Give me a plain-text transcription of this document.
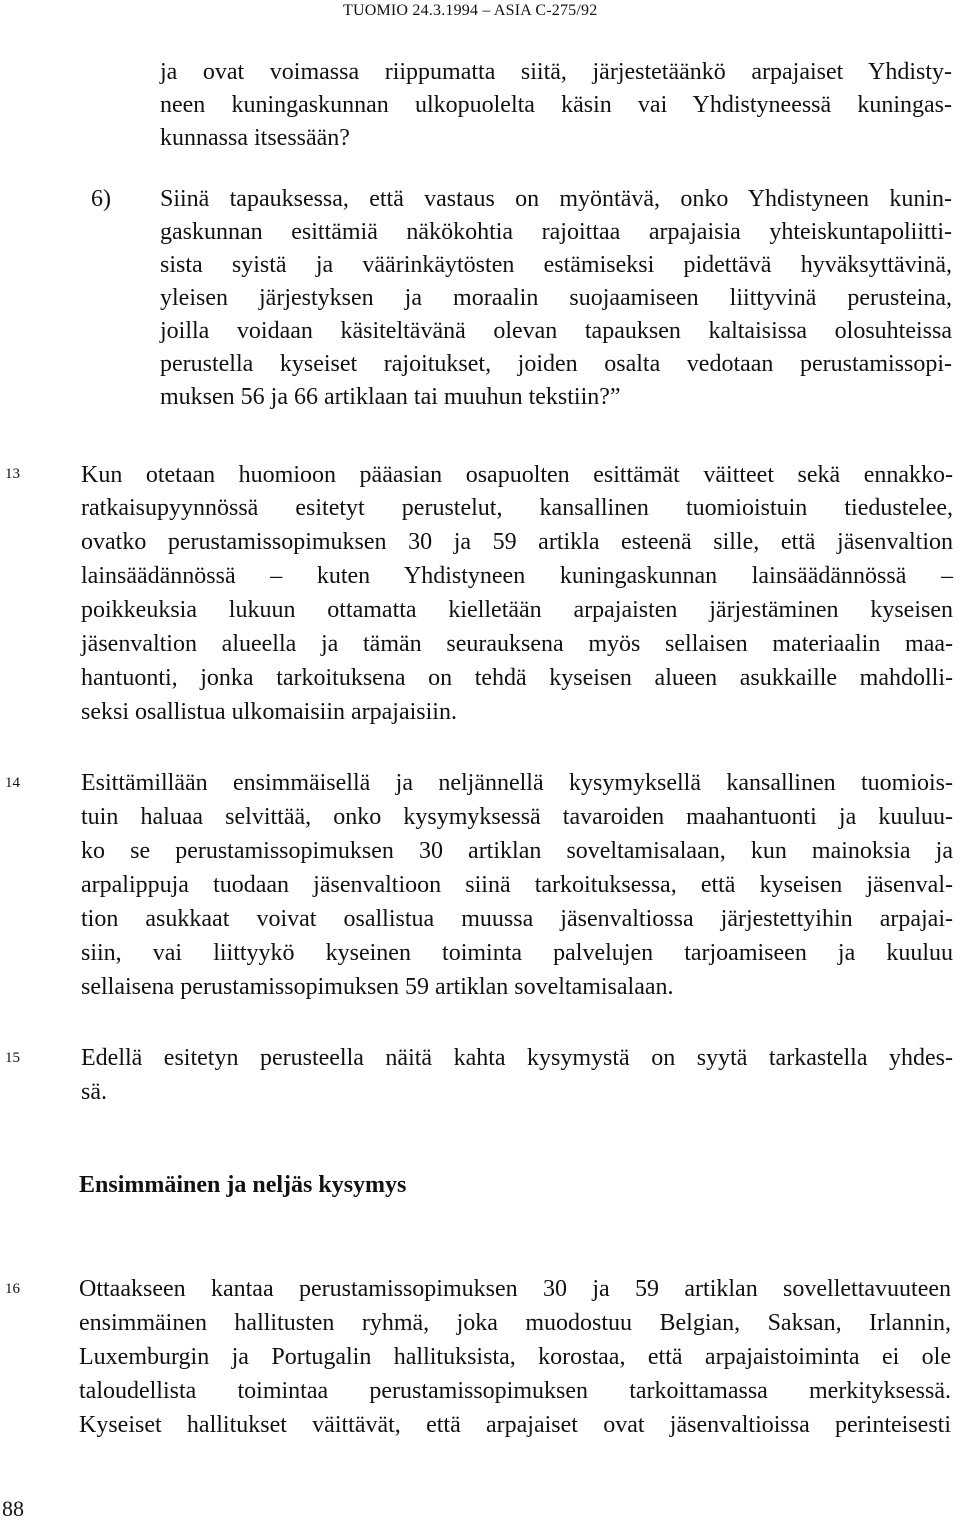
TUOMIO 24.3.1994 – ASIA C-275/92
ja ovat voimassa riippumatta siitä, järjestetäänkö arpajaiset Yhdisty-
neen kuningaskunnan ulkopuolelta käsin vai Yhdistyneessä kuningas-
kunnassa itsessään?
6) Siinä tapauksessa, että vastaus on myöntävä, onko Yhdistyneen kunin-
gaskunnan esittämiä näkökohtia rajoittaa arpajaisia yhteiskuntapoliitti-
sista syistä ja väärinkäytösten estämiseksi pidettävä hyväksyttävinä,
yleisen järjestyksen ja moraalin suojaamiseen liittyvinä perusteina,
joilla voidaan käsiteltävänä olevan tapauksen kaltaisissa olosuhteissa
perustella kyseiset rajoitukset, joiden osalta vedotaan perustamissopi-
muksen 56 ja 66 artiklaan tai muuhun tekstiin?”
13	Kun otetaan huomioon pääasian osapuolten esittämät väitteet sekä ennakko-
ratkaisupyynnössä esitetyt perustelut, kansallinen tuomioistuin tiedustelee,
ovatko perustamissopimuksen 30 ja 59 artikla esteenä sille, että jäsenvaltion
lainsäädännössä – kuten Yhdistyneen kuningaskunnan lainsäädännössä –
poikkeuksia lukuun ottamatta kielletään arpajaisten järjestäminen kyseisen
jäsenvaltion alueella ja tämän seurauksena myös sellaisen materiaalin maa-
hantuonti, jonka tarkoituksena on tehdä kyseisen alueen asukkaille mahdolli-
seksi osallistua ulkomaisiin arpajaisiin.
14	Esittämillään ensimmäisellä ja neljännellä kysymyksellä kansallinen tuomiois-
tuin haluaa selvittää, onko kysymyksessä tavaroiden maahantuonti ja kuuluu-
ko se perustamissopimuksen 30 artiklan soveltamisalaan, kun mainoksia ja
arpalippuja tuodaan jäsenvaltioon siinä tarkoituksessa, että kyseisen jäsenval-
tion asukkaat voivat osallistua muussa jäsenvaltiossa järjestettyihin arpajai-
siin, vai liittyykö kyseinen toiminta palvelujen tarjoamiseen ja kuuluu
sellaisena perustamissopimuksen 59 artiklan soveltamisalaan.
15	Edellä esitetyn perusteella näitä kahta kysymystä on syytä tarkastella yhdes-
sä.
Ensimmäinen ja neljäs kysymys
16 Ottaakseen kantaa perustamissopimuksen 30 ja 59 artiklan sovellettavuuteen
ensimmäinen hallitusten ryhmä, joka muodostuu Belgian, Saksan, Irlannin,
Luxemburgin ja Portugalin hallituksista, korostaa, että arpajaistoiminta ei ole
taloudellista toimintaa perustamissopimuksen tarkoittamassa merkityksessä.
Kyseiset hallitukset väittävät, että arpajaiset ovat jäsenvaltioissa perinteisesti
88
